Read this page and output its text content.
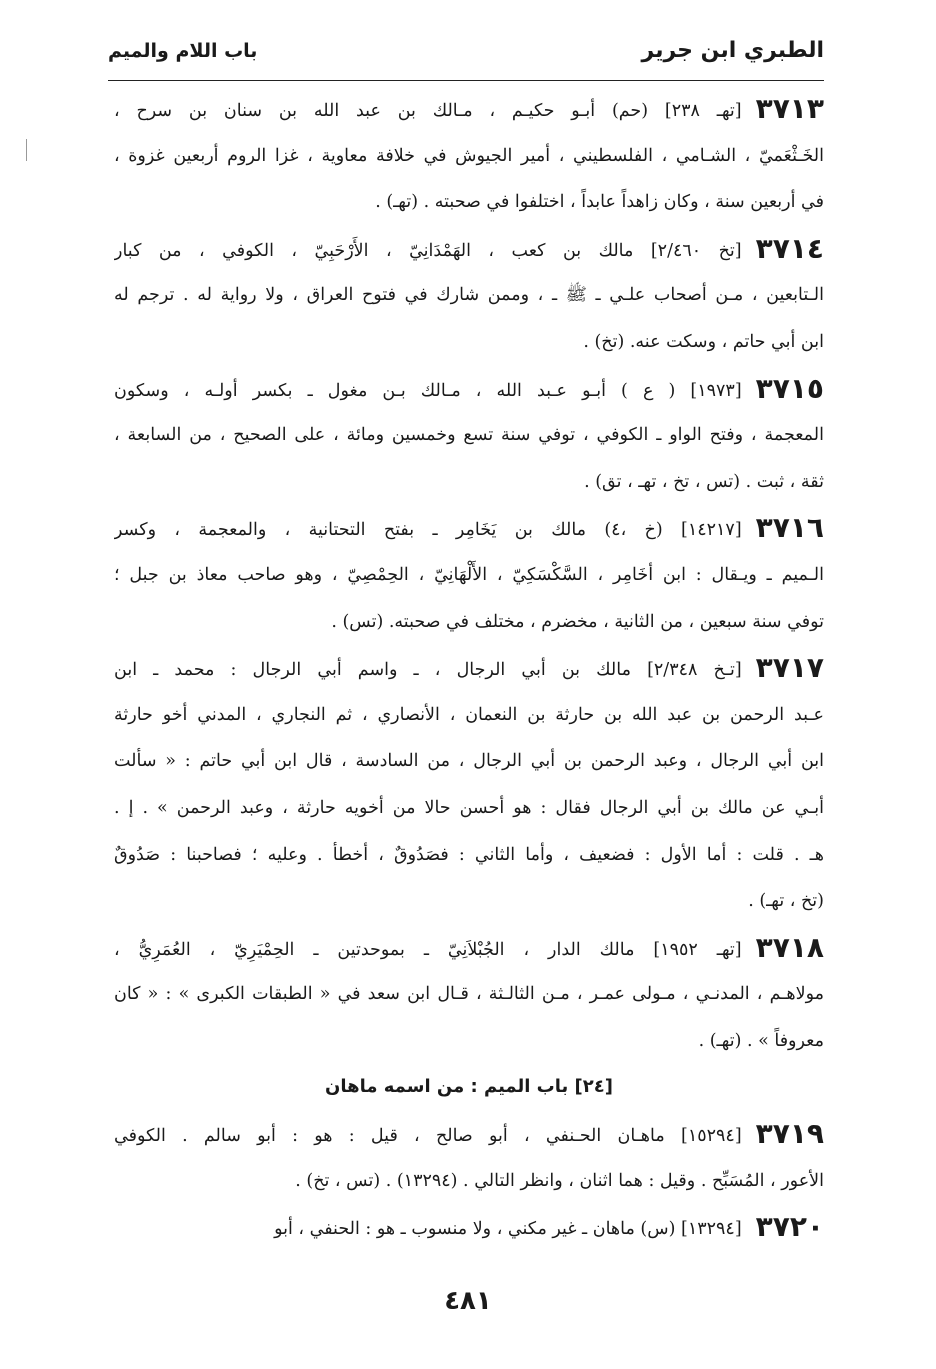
الطبري ابن جرير
باب اللام والميم
٣٧١٣[تهـ ٢٣٨] (حم) أبـو حكيـم ، مـالك بن عبد الله بن سنان بن سرح ،
الخَـثْعَميّ ، الشـامي ، الفلسطيني ، أمير الجيوش في خلافة معاوية ، غزا الروم أربعين غزوة ،
في أربعين سنة ، وكان زاهداً عابداً ، اختلفوا في صحبته . (تهـ) .
٣٧١٤[تخ ٢/٤٦٠] مالك بن كعب ، الهَمْدَانِيّ ، الأَرْحَبِيّ ، الكوفي ، من كبار
الـتابعين ، مـن أصحاب علـي ـ ﷺ ـ ، وممن شارك في فتوح العراق ، ولا رواية له . ترجم له
ابن أبي حاتم ، وسكت عنه. (تخ) .
٣٧١٥[١٩٧٣] ( ع ) أبـو عـبد الله ، مـالك بـن مغول ـ بكسر أولـه ، وسكون
المعجمة ، وفتح الواو ـ الكوفي ، توفي سنة تسع وخمسين ومائة ، على الصحيح ، من السابعة ،
ثقة ، ثبت . (تس ، تخ ، تهـ ، تق) .
٣٧١٦[١٤٢١٧] (خ ،٤) مالك بن يَخَامِر ـ بفتح التحتانية ، والمعجمة ، وكسر
الـميم ـ ويـقال : ابن أخَامِر ، السَّكْسَكِيّ ، الأَلْهَانِيّ ، الحِمْصِيّ ، وهو صاحب معاذ بن جبل ؛
توفي سنة سبعين ، من الثانية ، مخضرم ، مختلف في صحبته. (تس) .
٣٧١٧[تـخ ٢/٣٤٨] مالك بن أبي الرجال ، ـ واسم أبي الرجال : محمد ـ ابن
عـبد الرحمن بن عبد الله بن حارثة بن النعمان ، الأنصاري ، ثم النجاري ، المدني أخو حارثة
ابن أبي الرجال ، وعبد الرحمن بن أبي الرجال ، من السادسة ، قال ابن أبي حاتم : « سألت
أبـي عن مالك بن أبي الرجال فقال : هو أحسن حالا من أخويه حارثة ، وعبد الرحمن » . إ .
هـ . قلت : أما الأول : فضعيف ، وأما الثاني : فصَدُوقٌ ، أخطأ . وعليه ؛ فصاحبنا : صَدُوقٌ
(تخ ، تهـ) .
٣٧١٨[تهـ ١٩٥٢] مالك الدار ، الجُبْلاَنِيّ ـ بموحدتين ـ الحِمْيَرِيّ ، العُمَرِيُّ ،
مولاهـم ، المدنـي ، مـولى عمـر ، مـن الثالـثة ، قـال ابن سعد في « الطبقات الكبرى » : « كان
معروفاً » . (تهـ) .
[٢٤] باب الميم : من اسمه ماهان
٣٧١٩[١٥٢٩٤] ماهـان الحـنفي ، أبو صالح ، قيل : هو : أبو سالم . الكوفي
الأعور ، المُسَبِّح . وقيل : هما اثنان ، وانظر التالي . (١٣٢٩٤) . (تس ، تخ) .
٣٧٢٠[١٣٢٩٤] (س) ماهان ـ غير مكني ، ولا منسوب ـ هو : الحنفي ، أبو
٤٨١
